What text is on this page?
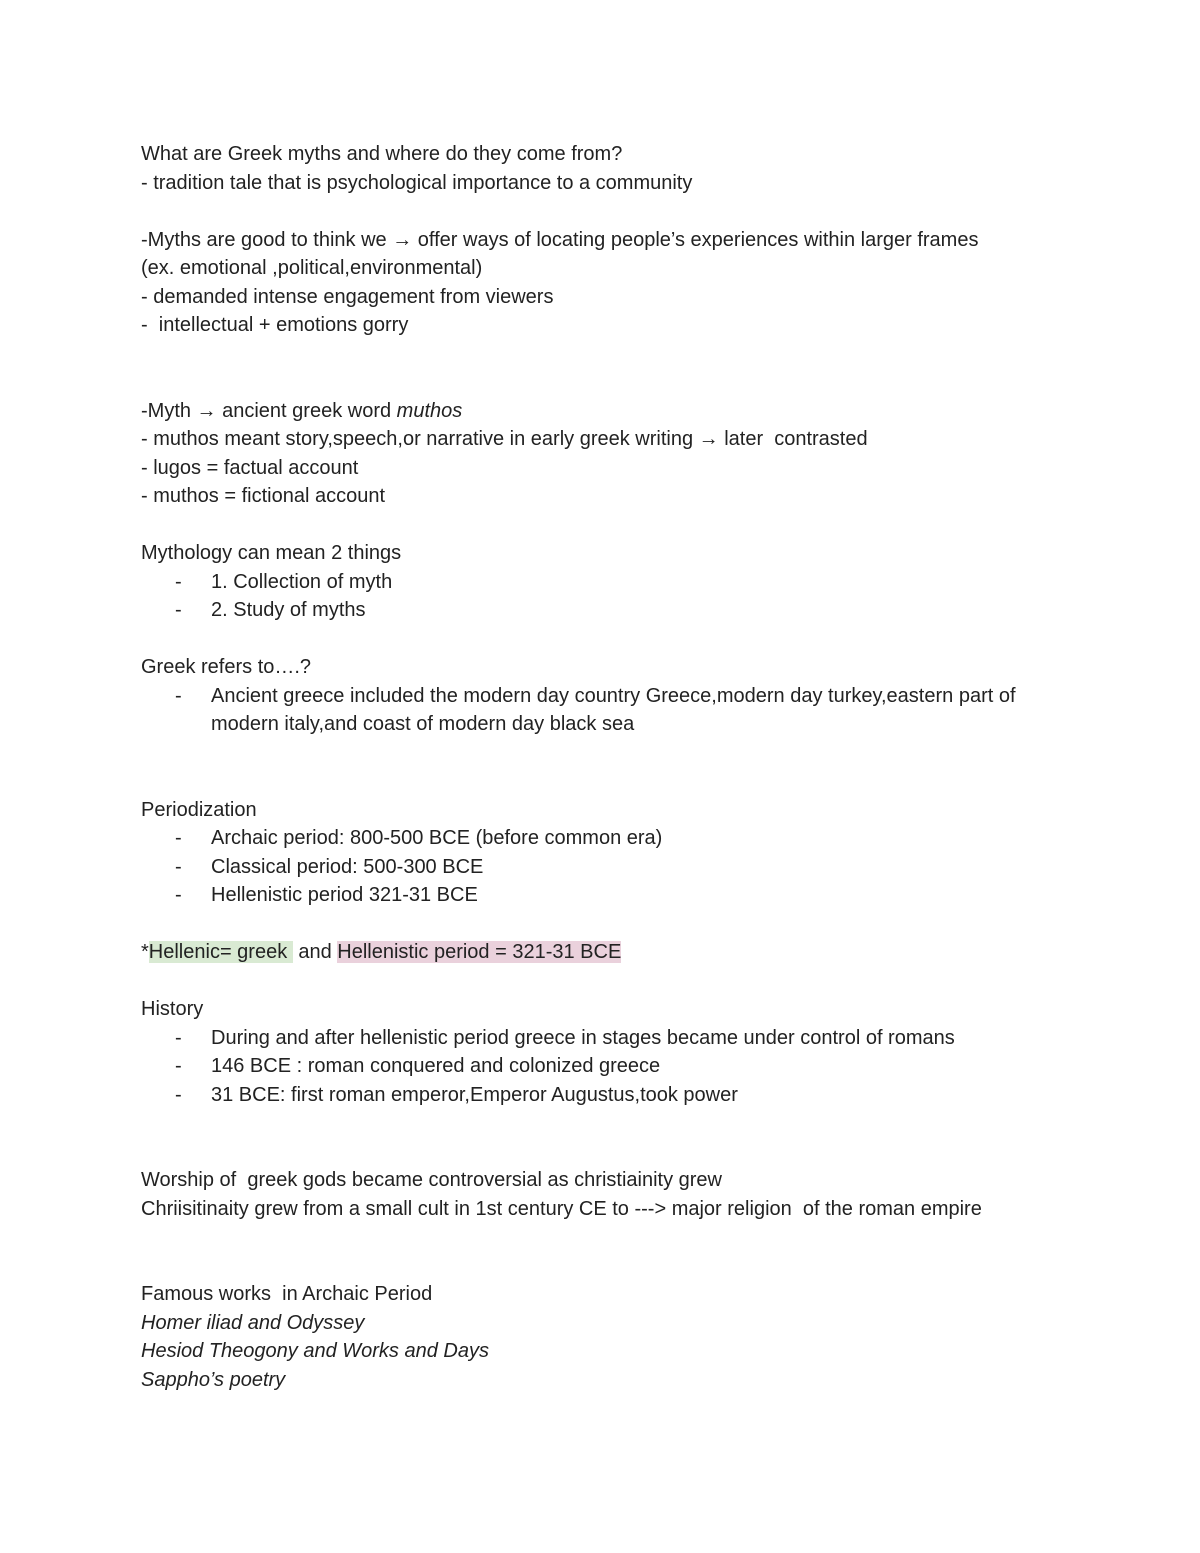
What are Greek myths and where do they come from?
- tradition tale that is psychological importance to a community
-Myths are good to think we → offer ways of locating people’s experiences within larger frames
(ex. emotional ,political,environmental)
- demanded intense engagement from viewers
-  intellectual + emotions gorry
-Myth → ancient greek word muthos
- muthos meant story,speech,or narrative in early greek writing → later  contrasted
- lugos = factual account
- muthos = fictional account
Mythology can mean 2 things
- 1. Collection of myth
- 2. Study of myths
Greek refers to….?
- Ancient greece included the modern day country Greece,modern day turkey,eastern part of modern italy,and coast of modern day black sea
Periodization
- Archaic period: 800-500 BCE (before common era)
- Classical period: 500-300 BCE
- Hellenistic period 321-31 BCE
*Hellenic= greek  and Hellenistic period = 321-31 BCE
History
- During and after hellenistic period greece in stages became under control of romans
- 146 BCE : roman conquered and colonized greece
- 31 BCE: first roman emperor,Emperor Augustus,took power
Worship of  greek gods became controversial as christiainity grew
Chriisitinaity grew from a small cult in 1st century CE to ---> major religion  of the roman empire
Famous works  in Archaic Period
Homer iliad and Odyssey
Hesiod Theogony and Works and Days
Sappho’s poetry
